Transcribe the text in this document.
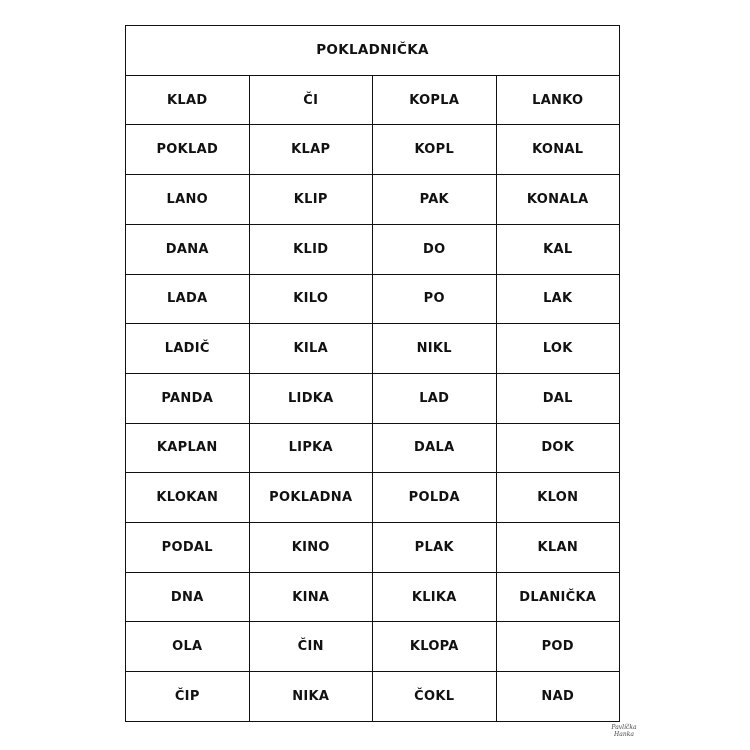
POKLADNIČKA			
KLAD	ČI	KOPLA	LANKO
POKLAD	KLAP	KOPL	KONAL
LANO	KLIP	PAK	KONALA
DANA	KLID	DO	KAL
LADA	KILO	PO	LAK
LADIČ	KILA	NIKL	LOK
PANDA	LIDKA	LAD	DAL
KAPLAN	LIPKA	DALA	DOK
KLOKAN	POKLADNA	POLDA	KLON
PODAL	KINO	PLAK	KLAN
DNA	KINA	KLIKA	DLANIČKA
OLA	ČIN	KLOPA	POD
ČIP	NIKA	ČOKL	NAD
Pavlíčka
Hanka
